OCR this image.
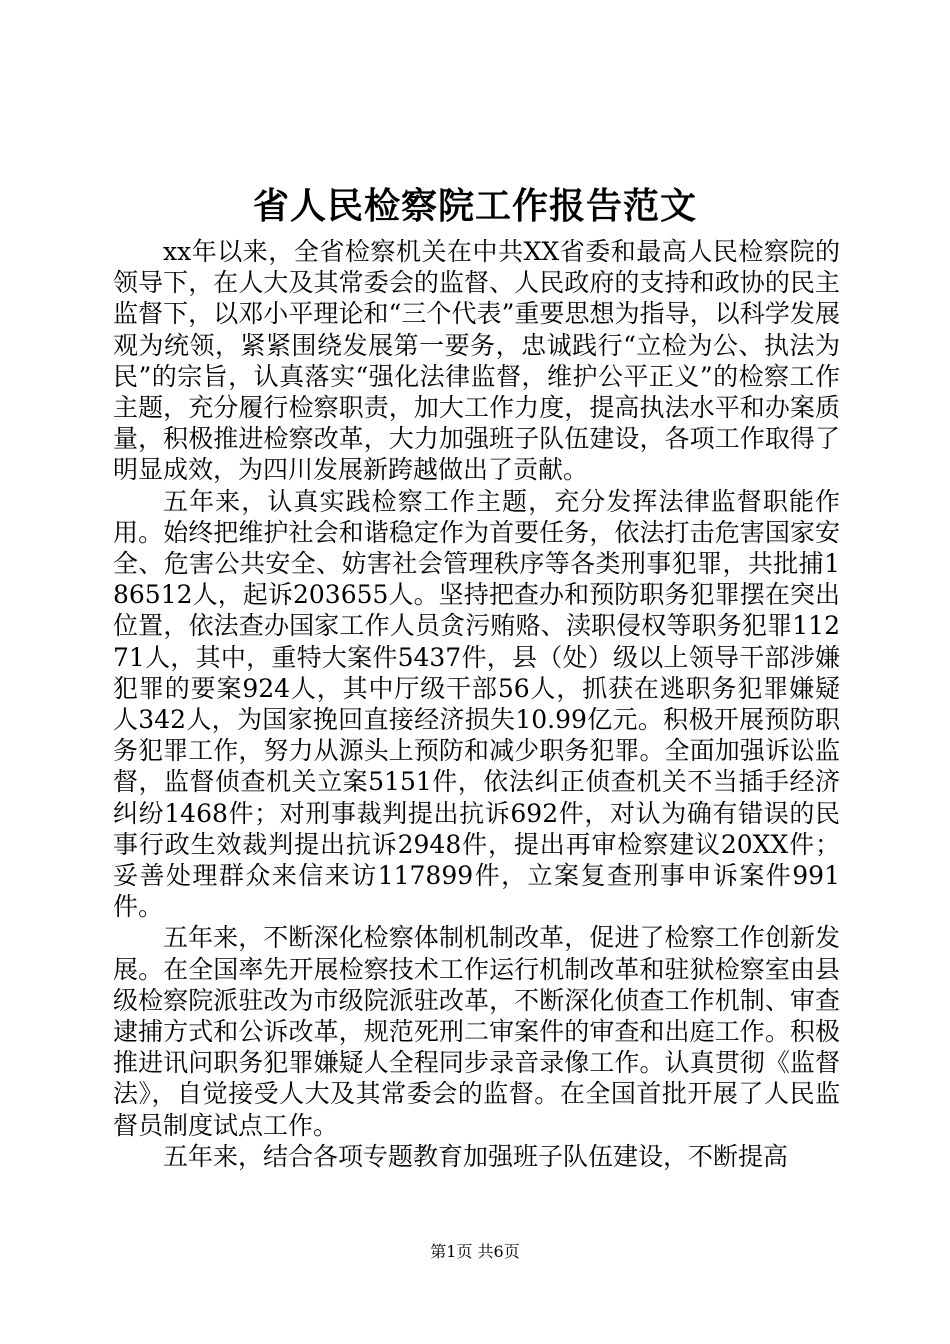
省人民检察院工作报告范文

xx年以来，全省检察机关在中共XX省委和最高人民检察院的领导下，在人大及其常委会的监督、人民政府的支持和政协的民主监督下，以邓小平理论和“三个代表”重要思想为指导，以科学发展观为统领，紧紧围绕发展第一要务，忠诚践行“立检为公、执法为民”的宗旨，认真落实“强化法律监督，维护公平正义”的检察工作主题，充分履行检察职责，加大工作力度，提高执法水平和办案质量，积极推进检察改革，大力加强班子队伍建设，各项工作取得了明显成效，为四川发展新跨越做出了贡献。

五年来，认真实践检察工作主题，充分发挥法律监督职能作用。始终把维护社会和谐稳定作为首要任务，依法打击危害国家安全、危害公共安全、妨害社会管理秩序等各类刑事犯罪，共批捕186512人，起诉203655人。坚持把查办和预防职务犯罪摆在突出位置，依法查办国家工作人员贪污贿赂、渎职侵权等职务犯罪11271人，其中，重特大案件5437件，县（处）级以上领导干部涉嫌犯罪的要案924人，其中厅级干部56人，抓获在逃职务犯罪嫌疑人342人，为国家挽回直接经济损失10.99亿元。积极开展预防职务犯罪工作，努力从源头上预防和减少职务犯罪。全面加强诉讼监督，监督侦查机关立案5151件，依法纠正侦查机关不当插手经济纠纷1468件；对刑事裁判提出抗诉692件，对认为确有错误的民事行政生效裁判提出抗诉2948件，提出再审检察建议20XX件；妥善处理群众来信来访117899件，立案复查刑事申诉案件991件。

五年来，不断深化检察体制机制改革，促进了检察工作创新发展。在全国率先开展检察技术工作运行机制改革和驻狱检察室由县级检察院派驻改为市级院派驻改革，不断深化侦查工作机制、审查逮捕方式和公诉改革，规范死刑二审案件的审查和出庭工作。积极推进讯问职务犯罪嫌疑人全程同步录音录像工作。认真贯彻《监督法》，自觉接受人大及其常委会的监督。在全国首批开展了人民监督员制度试点工作。

五年来，结合各项专题教育加强班子队伍建设，不断提高

第1页 共6页
